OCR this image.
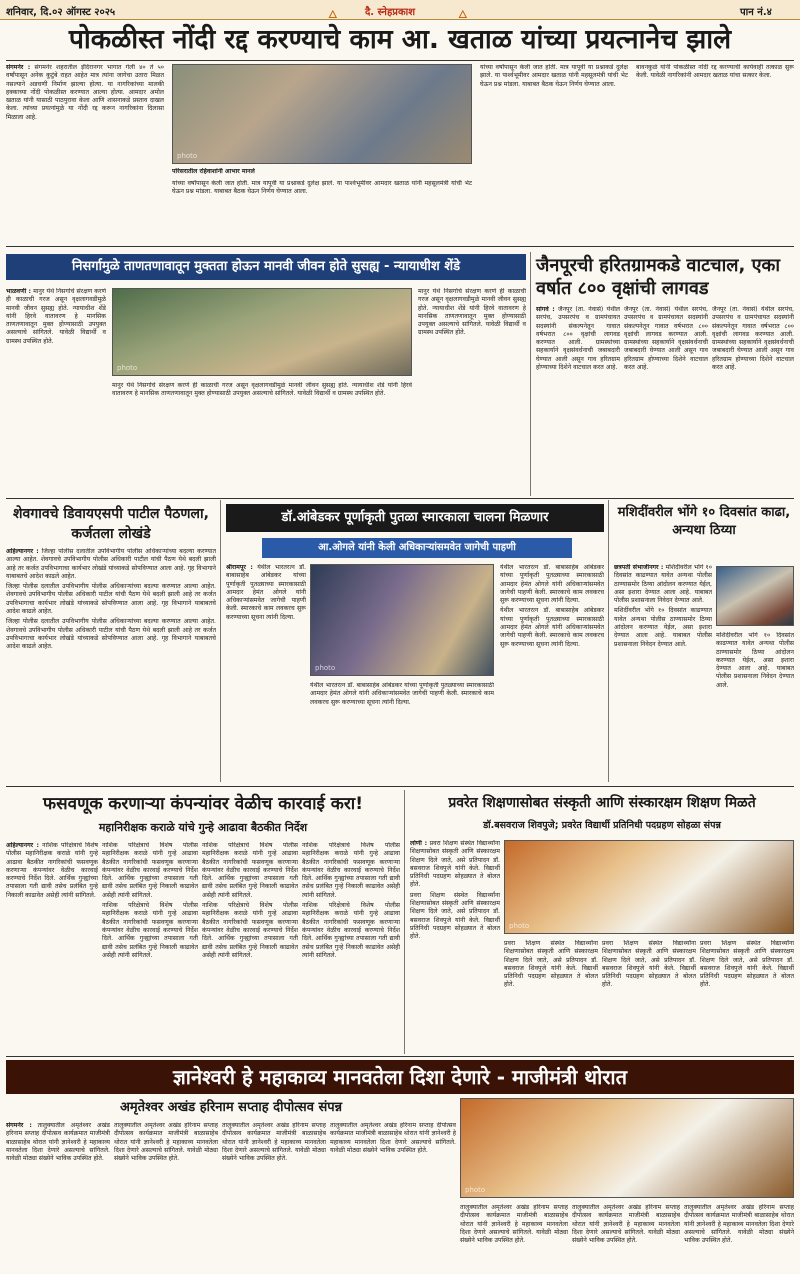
शनिवार, दि.०२ ऑगस्ट २०२५	🜂	दै. स्नेहप्रकाश	🜂	पान नं.४
पोकळीस्त नोंदी रद्द करण्याचे काम आ. खताळ यांच्या प्रयत्नानेच झाले

संगमनेर : संगमनेर शहरातील इंदिरानगर भागात गेली ४० ते ५० वर्षांपासून अनेक कुटुंबे राहत आहेत मात्र त्यांना जागेचा उतारा मिळत नसल्याने अडचणी निर्माण झाल्या होत्या. या नागरिकांच्या मालकी हक्काच्या नोंदी पोकळीस्त करण्यात आल्या होत्या. आमदार अमोल खताळ यांनी यासाठी पाठपुरावा केला आणि शासनाकडे प्रस्ताव दाखल केला. त्यांच्या प्रयत्नांमुळे या नोंदी रद्द करून नागरिकांना दिलासा मिळाला आहे.

photo
परिसरातील रहिवाशांनी आभार मानले

यांच्या वर्षांपासून केली जात होती. मात्र यापूर्वी या प्रश्नाकडे दुर्लक्ष झाले. या पार्श्वभूमीवर आमदार खताळ यांनी महसूलमंत्री यांची भेट घेऊन प्रश्न मांडला. याबाबत बैठक घेऊन निर्णय घेण्यात आला.

यांच्या वर्षांपासून केली जात होती. मात्र यापूर्वी या प्रश्नाकडे दुर्लक्ष झाले. या पार्श्वभूमीवर आमदार खताळ यांनी महसूलमंत्री यांची भेट घेऊन प्रश्न मांडला. याबाबत बैठक घेऊन निर्णय घेण्यात आला.

बावनकुळे यांनी पोकळीस्त नोंदी रद्द करण्याची कार्यवाही तत्काळ सुरू केली. यावेळी नागरिकांनी आमदार खताळ यांचा सत्कार केला.

निसर्गामुळे ताणतणावातून मुक्तता होऊन मानवी जीवन होते सुसह्य - न्यायाधीश शेंडे

भाळवणी : मानुर येथे निसर्गाचे संरक्षण करणे ही काळाची गरज असून वृक्षलागवडीमुळे मानवी जीवन सुसह्य होते. न्यायाधीश शेंडे यांनी हिरवे वातावरण हे मानसिक ताणतणावातून मुक्त होण्यासाठी उपयुक्त असल्याचे सांगितले. यावेळी विद्यार्थी व ग्रामस्थ उपस्थित होते.

photo

मानुर येथे निसर्गाचे संरक्षण करणे ही काळाची गरज असून वृक्षलागवडीमुळे मानवी जीवन सुसह्य होते. न्यायाधीश शेंडे यांनी हिरवे वातावरण हे मानसिक ताणतणावातून मुक्त होण्यासाठी उपयुक्त असल्याचे सांगितले. यावेळी विद्यार्थी व ग्रामस्थ उपस्थित होते.

मानुर येथे निसर्गाचे संरक्षण करणे ही काळाची गरज असून वृक्षलागवडीमुळे मानवी जीवन सुसह्य होते. न्यायाधीश शेंडे यांनी हिरवे वातावरण हे मानसिक ताणतणावातून मुक्त होण्यासाठी उपयुक्त असल्याचे सांगितले. यावेळी विद्यार्थी व ग्रामस्थ उपस्थित होते.

जैनपूरची हरितग्रामकडे वाटचाल, एका वर्षात ८०० वृक्षांची लागवड

सांगवे : जैनपूर (ता. नेवासे) येथील सरपंच, उपसरपंच व ग्रामपंचायत सदस्यांनी संकल्पनेतून गावात वर्षभरात ८०० वृक्षांची लागवड करण्यात आली. ग्रामस्थांच्या सहकार्याने वृक्षसंवर्धनाची जबाबदारी घेण्यात आली असून गाव हरितग्राम होण्याच्या दिशेने वाटचाल करत आहे.

जैनपूर (ता. नेवासे) येथील सरपंच, उपसरपंच व ग्रामपंचायत सदस्यांनी संकल्पनेतून गावात वर्षभरात ८०० वृक्षांची लागवड करण्यात आली. ग्रामस्थांच्या सहकार्याने वृक्षसंवर्धनाची जबाबदारी घेण्यात आली असून गाव हरितग्राम होण्याच्या दिशेने वाटचाल करत आहे.

जैनपूर (ता. नेवासे) येथील सरपंच, उपसरपंच व ग्रामपंचायत सदस्यांनी संकल्पनेतून गावात वर्षभरात ८०० वृक्षांची लागवड करण्यात आली. ग्रामस्थांच्या सहकार्याने वृक्षसंवर्धनाची जबाबदारी घेण्यात आली असून गाव हरितग्राम होण्याच्या दिशेने वाटचाल करत आहे.

शेवगावचे डिवायएसपी पाटील पैठणला, कर्जतला लोखंडे

अहिल्यानगर : जिल्हा पोलीस दलातील उपविभागीय पोलीस अधिकाऱ्यांच्या बदल्या करण्यात आल्या आहेत. शेवगावचे उपविभागीय पोलीस अधिकारी पाटील यांची पैठण येथे बदली झाली आहे तर कर्जत उपविभागाचा कार्यभार लोखंडे यांच्याकडे सोपविण्यात आला आहे. गृह विभागाने याबाबतचे आदेश काढले आहेत.

जिल्हा पोलीस दलातील उपविभागीय पोलीस अधिकाऱ्यांच्या बदल्या करण्यात आल्या आहेत. शेवगावचे उपविभागीय पोलीस अधिकारी पाटील यांची पैठण येथे बदली झाली आहे तर कर्जत उपविभागाचा कार्यभार लोखंडे यांच्याकडे सोपविण्यात आला आहे. गृह विभागाने याबाबतचे आदेश काढले आहेत.

जिल्हा पोलीस दलातील उपविभागीय पोलीस अधिकाऱ्यांच्या बदल्या करण्यात आल्या आहेत. शेवगावचे उपविभागीय पोलीस अधिकारी पाटील यांची पैठण येथे बदली झाली आहे तर कर्जत उपविभागाचा कार्यभार लोखंडे यांच्याकडे सोपविण्यात आला आहे. गृह विभागाने याबाबतचे आदेश काढले आहेत.

डॉ.आंबेडकर पूर्णाकृती पुतळा स्मारकाला चालना मिळणार
आ.ओगले यांनी केली अधिकाऱ्यांसमवेत जागेची पाहणी

श्रीरामपूर : येथील भारतरत्न डॉ. बाबासाहेब आंबेडकर यांच्या पूर्णाकृती पुतळ्याच्या स्मारकासाठी आमदार हेमंत ओगले यांनी अधिकाऱ्यांसमवेत जागेची पाहणी केली. स्मारकाचे काम लवकरच सुरू करण्याच्या सूचना त्यांनी दिल्या.

photo

येथील भारतरत्न डॉ. बाबासाहेब आंबेडकर यांच्या पूर्णाकृती पुतळ्याच्या स्मारकासाठी आमदार हेमंत ओगले यांनी अधिकाऱ्यांसमवेत जागेची पाहणी केली. स्मारकाचे काम लवकरच सुरू करण्याच्या सूचना त्यांनी दिल्या.

येथील भारतरत्न डॉ. बाबासाहेब आंबेडकर यांच्या पूर्णाकृती पुतळ्याच्या स्मारकासाठी आमदार हेमंत ओगले यांनी अधिकाऱ्यांसमवेत जागेची पाहणी केली. स्मारकाचे काम लवकरच सुरू करण्याच्या सूचना त्यांनी दिल्या.

येथील भारतरत्न डॉ. बाबासाहेब आंबेडकर यांच्या पूर्णाकृती पुतळ्याच्या स्मारकासाठी आमदार हेमंत ओगले यांनी अधिकाऱ्यांसमवेत जागेची पाहणी केली. स्मारकाचे काम लवकरच सुरू करण्याच्या सूचना त्यांनी दिल्या.

मशिदींवरील भोंगे १० दिवसांत काढा, अन्यथा ठिय्या

छत्रपती संभाजीनगर : मशिदींवरील भोंगे १० दिवसांत काढण्यात यावेत अन्यथा पोलीस ठाण्यासमोर ठिय्या आंदोलन करण्यात येईल, असा इशारा देण्यात आला आहे. याबाबत पोलीस प्रशासनाला निवेदन देण्यात आले.

मशिदींवरील भोंगे १० दिवसांत काढण्यात यावेत अन्यथा पोलीस ठाण्यासमोर ठिय्या आंदोलन करण्यात येईल, असा इशारा देण्यात आला आहे. याबाबत पोलीस प्रशासनाला निवेदन देण्यात आले.

मशिदींवरील भोंगे १० दिवसांत काढण्यात यावेत अन्यथा पोलीस ठाण्यासमोर ठिय्या आंदोलन करण्यात येईल, असा इशारा देण्यात आला आहे. याबाबत पोलीस प्रशासनाला निवेदन देण्यात आले.

फसवणूक करणाऱ्या कंपन्यांवर वेळीच कारवाई करा!
महानिरीक्षक कराळे यांचे गुन्हे आढावा बैठकीत निर्देश

अहिल्यानगर : नाशिक परिक्षेत्राचे विशेष पोलीस महानिरीक्षक कराळे यांनी गुन्हे आढावा बैठकीत नागरिकांची फसवणूक करणाऱ्या कंपन्यांवर वेळीच कारवाई करण्याचे निर्देश दिले. आर्थिक गुन्ह्यांच्या तपासाला गती द्यावी तसेच प्रलंबित गुन्हे निकाली काढावेत असेही त्यांनी सांगितले.

नाशिक परिक्षेत्राचे विशेष पोलीस महानिरीक्षक कराळे यांनी गुन्हे आढावा बैठकीत नागरिकांची फसवणूक करणाऱ्या कंपन्यांवर वेळीच कारवाई करण्याचे निर्देश दिले. आर्थिक गुन्ह्यांच्या तपासाला गती द्यावी तसेच प्रलंबित गुन्हे निकाली काढावेत असेही त्यांनी सांगितले.

नाशिक परिक्षेत्राचे विशेष पोलीस महानिरीक्षक कराळे यांनी गुन्हे आढावा बैठकीत नागरिकांची फसवणूक करणाऱ्या कंपन्यांवर वेळीच कारवाई करण्याचे निर्देश दिले. आर्थिक गुन्ह्यांच्या तपासाला गती द्यावी तसेच प्रलंबित गुन्हे निकाली काढावेत असेही त्यांनी सांगितले.

नाशिक परिक्षेत्राचे विशेष पोलीस महानिरीक्षक कराळे यांनी गुन्हे आढावा बैठकीत नागरिकांची फसवणूक करणाऱ्या कंपन्यांवर वेळीच कारवाई करण्याचे निर्देश दिले. आर्थिक गुन्ह्यांच्या तपासाला गती द्यावी तसेच प्रलंबित गुन्हे निकाली काढावेत असेही त्यांनी सांगितले.

नाशिक परिक्षेत्राचे विशेष पोलीस महानिरीक्षक कराळे यांनी गुन्हे आढावा बैठकीत नागरिकांची फसवणूक करणाऱ्या कंपन्यांवर वेळीच कारवाई करण्याचे निर्देश दिले. आर्थिक गुन्ह्यांच्या तपासाला गती द्यावी तसेच प्रलंबित गुन्हे निकाली काढावेत असेही त्यांनी सांगितले.

नाशिक परिक्षेत्राचे विशेष पोलीस महानिरीक्षक कराळे यांनी गुन्हे आढावा बैठकीत नागरिकांची फसवणूक करणाऱ्या कंपन्यांवर वेळीच कारवाई करण्याचे निर्देश दिले. आर्थिक गुन्ह्यांच्या तपासाला गती द्यावी तसेच प्रलंबित गुन्हे निकाली काढावेत असेही त्यांनी सांगितले.

नाशिक परिक्षेत्राचे विशेष पोलीस महानिरीक्षक कराळे यांनी गुन्हे आढावा बैठकीत नागरिकांची फसवणूक करणाऱ्या कंपन्यांवर वेळीच कारवाई करण्याचे निर्देश दिले. आर्थिक गुन्ह्यांच्या तपासाला गती द्यावी तसेच प्रलंबित गुन्हे निकाली काढावेत असेही त्यांनी सांगितले.

प्रवरेत शिक्षणासोबत संस्कृती आणि संस्कारक्षम शिक्षण मिळते
डॉ.बसवराज शिवपुजे; प्रवरेत विद्यार्थी प्रतिनिधी पदग्रहण सोहळा संपन्न

लोणी : प्रवरा शिक्षण संस्थेत विद्यार्थ्यांना शिक्षणासोबत संस्कृती आणि संस्कारक्षम शिक्षण दिले जाते, असे प्रतिपादन डॉ. बसवराज शिवपुजे यांनी केले. विद्यार्थी प्रतिनिधी पदग्रहण सोहळ्यात ते बोलत होते.

प्रवरा शिक्षण संस्थेत विद्यार्थ्यांना शिक्षणासोबत संस्कृती आणि संस्कारक्षम शिक्षण दिले जाते, असे प्रतिपादन डॉ. बसवराज शिवपुजे यांनी केले. विद्यार्थी प्रतिनिधी पदग्रहण सोहळ्यात ते बोलत होते.

photo

प्रवरा शिक्षण संस्थेत विद्यार्थ्यांना शिक्षणासोबत संस्कृती आणि संस्कारक्षम शिक्षण दिले जाते, असे प्रतिपादन डॉ. बसवराज शिवपुजे यांनी केले. विद्यार्थी प्रतिनिधी पदग्रहण सोहळ्यात ते बोलत होते.

प्रवरा शिक्षण संस्थेत विद्यार्थ्यांना शिक्षणासोबत संस्कृती आणि संस्कारक्षम शिक्षण दिले जाते, असे प्रतिपादन डॉ. बसवराज शिवपुजे यांनी केले. विद्यार्थी प्रतिनिधी पदग्रहण सोहळ्यात ते बोलत होते.

प्रवरा शिक्षण संस्थेत विद्यार्थ्यांना शिक्षणासोबत संस्कृती आणि संस्कारक्षम शिक्षण दिले जाते, असे प्रतिपादन डॉ. बसवराज शिवपुजे यांनी केले. विद्यार्थी प्रतिनिधी पदग्रहण सोहळ्यात ते बोलत होते.

ज्ञानेश्वरी हे महाकाव्य मानवतेला दिशा देणारे - माजीमंत्री थोरात
अमृतेश्वर अखंड हरिनाम सप्ताह दीपोत्सव संपन्न

संगमनेर : तालुक्यातील अमृतेश्वर अखंड हरिनाम सप्ताह दीपोत्सव कार्यक्रमात माजीमंत्री बाळासाहेब थोरात यांनी ज्ञानेश्वरी हे महाकाव्य मानवतेला दिशा देणारे असल्याचे सांगितले. यावेळी मोठ्या संख्येने भाविक उपस्थित होते.

तालुक्यातील अमृतेश्वर अखंड हरिनाम सप्ताह दीपोत्सव कार्यक्रमात माजीमंत्री बाळासाहेब थोरात यांनी ज्ञानेश्वरी हे महाकाव्य मानवतेला दिशा देणारे असल्याचे सांगितले. यावेळी मोठ्या संख्येने भाविक उपस्थित होते.

तालुक्यातील अमृतेश्वर अखंड हरिनाम सप्ताह दीपोत्सव कार्यक्रमात माजीमंत्री बाळासाहेब थोरात यांनी ज्ञानेश्वरी हे महाकाव्य मानवतेला दिशा देणारे असल्याचे सांगितले. यावेळी मोठ्या संख्येने भाविक उपस्थित होते.

तालुक्यातील अमृतेश्वर अखंड हरिनाम सप्ताह दीपोत्सव कार्यक्रमात माजीमंत्री बाळासाहेब थोरात यांनी ज्ञानेश्वरी हे महाकाव्य मानवतेला दिशा देणारे असल्याचे सांगितले. यावेळी मोठ्या संख्येने भाविक उपस्थित होते.

photo

तालुक्यातील अमृतेश्वर अखंड हरिनाम सप्ताह दीपोत्सव कार्यक्रमात माजीमंत्री बाळासाहेब थोरात यांनी ज्ञानेश्वरी हे महाकाव्य मानवतेला दिशा देणारे असल्याचे सांगितले. यावेळी मोठ्या संख्येने भाविक उपस्थित होते.

तालुक्यातील अमृतेश्वर अखंड हरिनाम सप्ताह दीपोत्सव कार्यक्रमात माजीमंत्री बाळासाहेब थोरात यांनी ज्ञानेश्वरी हे महाकाव्य मानवतेला दिशा देणारे असल्याचे सांगितले. यावेळी मोठ्या संख्येने भाविक उपस्थित होते.

तालुक्यातील अमृतेश्वर अखंड हरिनाम सप्ताह दीपोत्सव कार्यक्रमात माजीमंत्री बाळासाहेब थोरात यांनी ज्ञानेश्वरी हे महाकाव्य मानवतेला दिशा देणारे असल्याचे सांगितले. यावेळी मोठ्या संख्येने भाविक उपस्थित होते.
